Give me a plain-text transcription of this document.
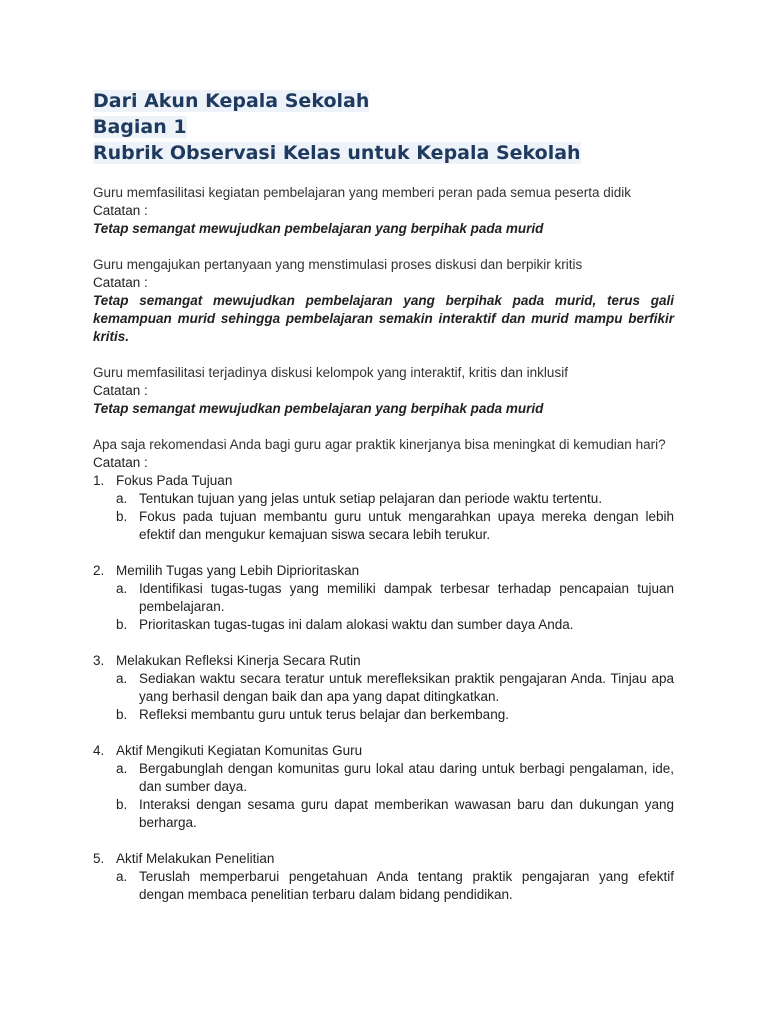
Dari Akun Kepala Sekolah
Bagian 1
Rubrik Observasi Kelas untuk Kepala Sekolah

Guru memfasilitasi kegiatan pembelajaran yang memberi peran pada semua peserta didik

Catatan :
Tetap semangat mewujudkan pembelajaran yang berpihak pada murid

Guru mengajukan pertanyaan yang menstimulasi proses diskusi dan berpikir kritis

Catatan :
Tetap semangat mewujudkan pembelajaran yang berpihak pada murid, terus gali kemampuan murid sehingga pembelajaran semakin interaktif dan murid mampu berfikir kritis.

Guru memfasilitasi terjadinya diskusi kelompok yang interaktif, kritis dan inklusif

Catatan :
Tetap semangat mewujudkan pembelajaran yang berpihak pada murid

Apa saja rekomendasi Anda bagi guru agar praktik kinerjanya bisa meningkat di kemudian hari?

Catatan :
1. Fokus Pada Tujuan
a. Tentukan tujuan yang jelas untuk setiap pelajaran dan periode waktu tertentu.
b. Fokus pada tujuan membantu guru untuk mengarahkan upaya mereka dengan lebih efektif dan mengukur kemajuan siswa secara lebih terukur.
2. Memilih Tugas yang Lebih Diprioritaskan
a. Identifikasi tugas-tugas yang memiliki dampak terbesar terhadap pencapaian tujuan pembelajaran.
b. Prioritaskan tugas-tugas ini dalam alokasi waktu dan sumber daya Anda.
3. Melakukan Refleksi Kinerja Secara Rutin
a. Sediakan waktu secara teratur untuk merefleksikan praktik pengajaran Anda. Tinjau apa yang berhasil dengan baik dan apa yang dapat ditingkatkan.
b. Refleksi membantu guru untuk terus belajar dan berkembang.
4. Aktif Mengikuti Kegiatan Komunitas Guru
a. Bergabunglah dengan komunitas guru lokal atau daring untuk berbagi pengalaman, ide, dan sumber daya.
b. Interaksi dengan sesama guru dapat memberikan wawasan baru dan dukungan yang berharga.
5. Aktif Melakukan Penelitian
a. Teruslah memperbarui pengetahuan Anda tentang praktik pengajaran yang efektif dengan membaca penelitian terbaru dalam bidang pendidikan.
